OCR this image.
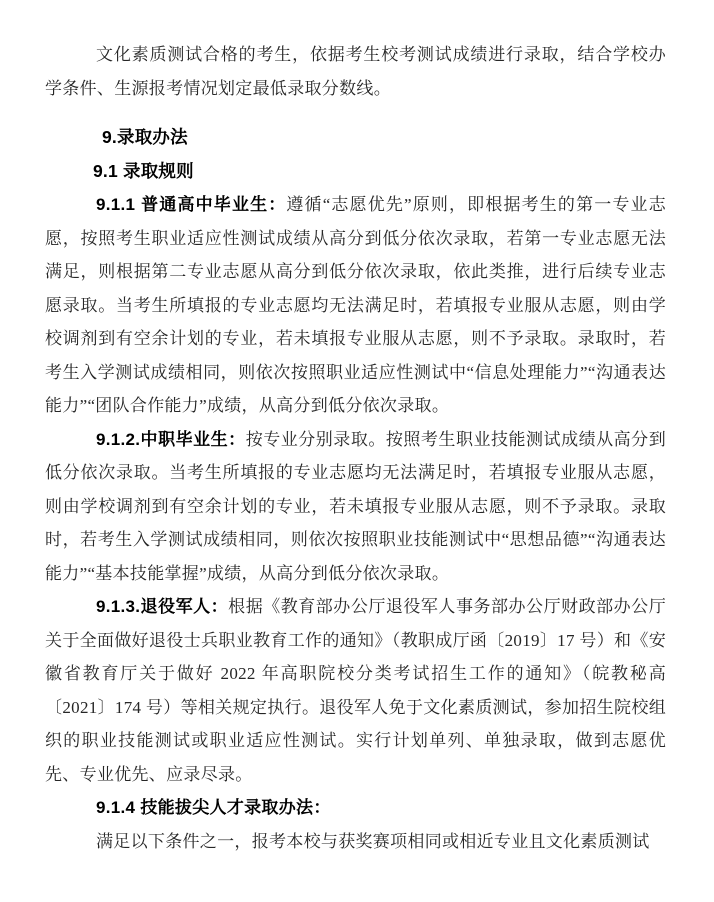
文化素质测试合格的考生，依据考生校考测试成绩进行录取，结合学校办学条件、生源报考情况划定最低录取分数线。

9.录取办法
9.1 录取规则

9.1.1 普通高中毕业生：遵循“志愿优先”原则，即根据考生的第一专业志愿，按照考生职业适应性测试成绩从高分到低分依次录取，若第一专业志愿无法满足，则根据第二专业志愿从高分到低分依次录取，依此类推，进行后续专业志愿录取。当考生所填报的专业志愿均无法满足时，若填报专业服从志愿，则由学校调剂到有空余计划的专业，若未填报专业服从志愿，则不予录取。录取时，若考生入学测试成绩相同，则依次按照职业适应性测试中“信息处理能力”“沟通表达能力”“团队合作能力”成绩，从高分到低分依次录取。

9.1.2.中职毕业生：按专业分别录取。按照考生职业技能测试成绩从高分到低分依次录取。当考生所填报的专业志愿均无法满足时，若填报专业服从志愿，则由学校调剂到有空余计划的专业，若未填报专业服从志愿，则不予录取。录取时，若考生入学测试成绩相同，则依次按照职业技能测试中“思想品德”“沟通表达能力”“基本技能掌握”成绩，从高分到低分依次录取。

9.1.3.退役军人：根据《教育部办公厅退役军人事务部办公厅财政部办公厅关于全面做好退役士兵职业教育工作的通知》（教职成厅函〔2019〕17 号）和《安徽省教育厅关于做好 2022 年高职院校分类考试招生工作的通知》（皖教秘高〔2021〕174 号）等相关规定执行。退役军人免于文化素质测试，参加招生院校组织的职业技能测试或职业适应性测试。实行计划单列、单独录取，做到志愿优先、专业优先、应录尽录。

9.1.4 技能拔尖人才录取办法：

满足以下条件之一，报考本校与获奖赛项相同或相近专业且文化素质测试
